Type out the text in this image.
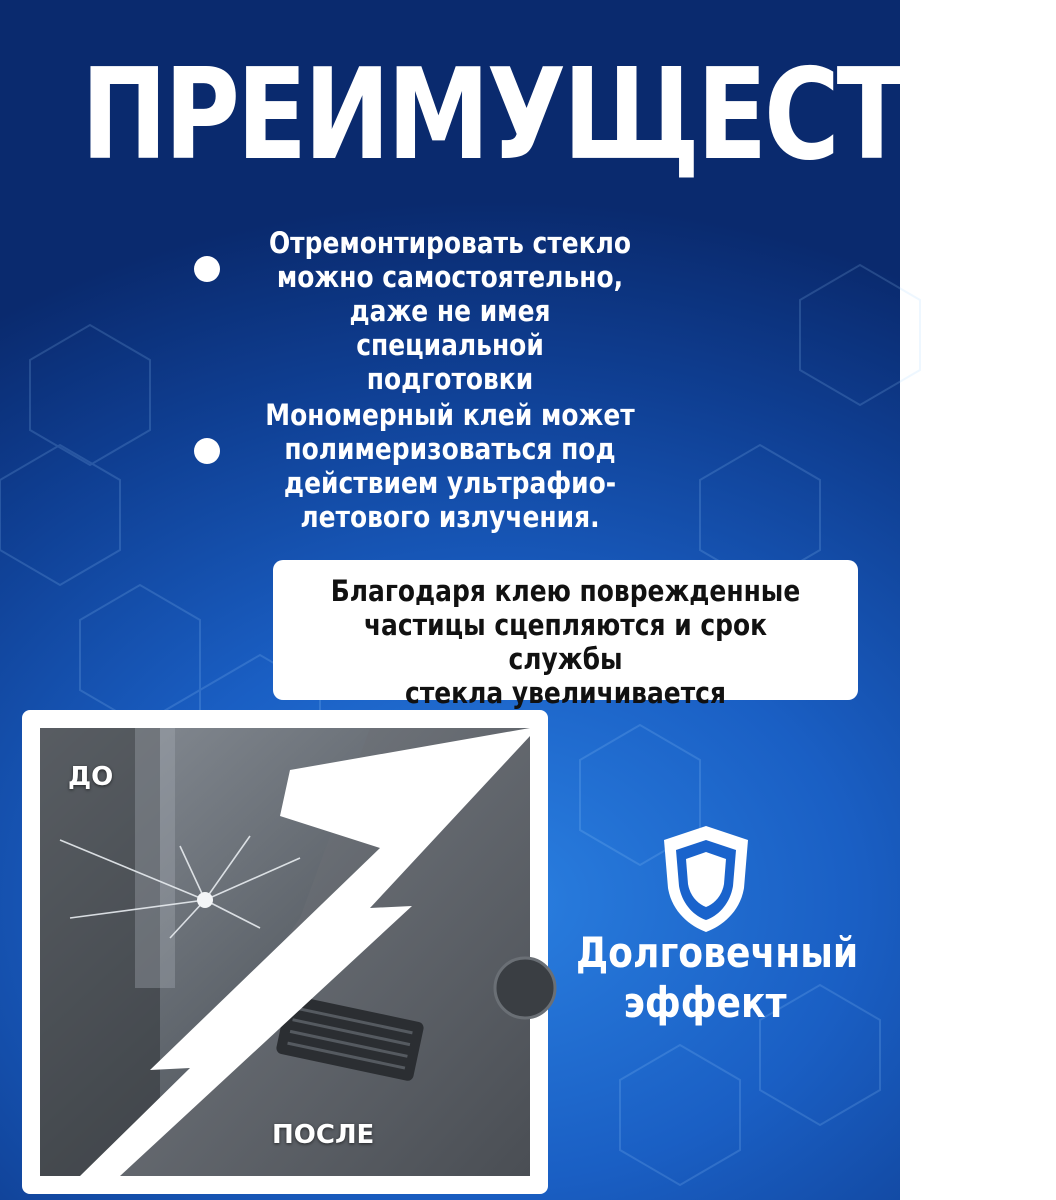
ПРЕИМУЩЕСТВА
Отремонтировать стекло
можно самостоятельно,
даже не имея специальной
подготовки
Мономерный клей может
полимеризоваться под
действием ультрафио-
летового излучения.
Благодаря клею поврежденные
частицы сцепляются и срок службы
стекла увеличивается
ДО
ПОСЛЕ
Долговечный
эффект
